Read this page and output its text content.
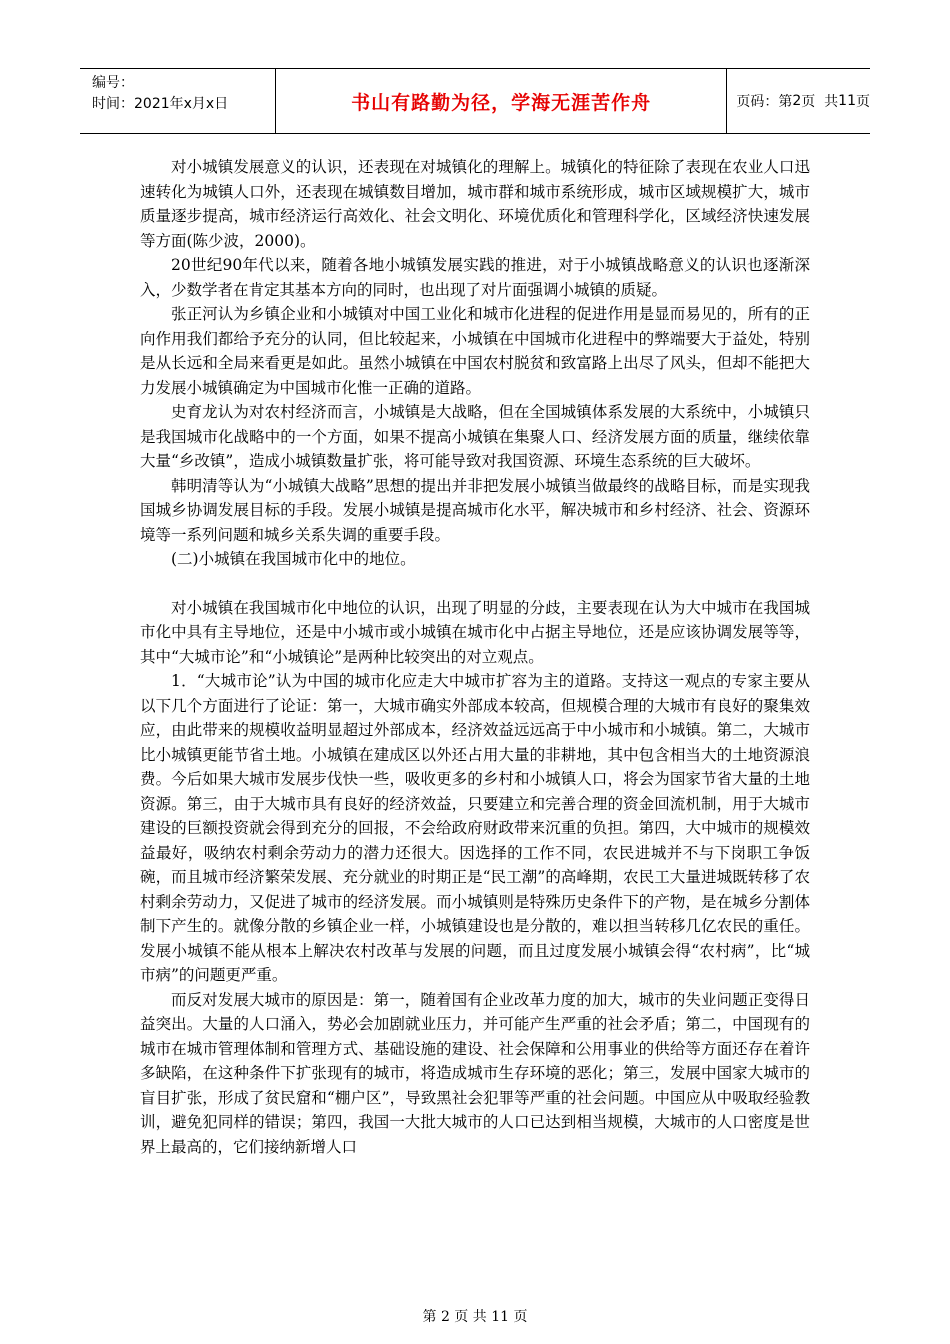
编号：
时间：2021年x月x日	书山有路勤为径，学海无涯苦作舟	页码：第 2 页  共 11 页

对小城镇发展意义的认识，还表现在对城镇化的理解上。城镇化的特征除了表现在农业人口迅速转化为城镇人口外，还表现在城镇数目增加，城市群和城市系统形成，城市区域规模扩大，城市质量逐步提高，城市经济运行高效化、社会文明化、环境优质化和管理科学化，区域经济快速发展等方面(陈少波，2000)。

20世纪90年代以来，随着各地小城镇发展实践的推进，对于小城镇战略意义的认识也逐渐深入，少数学者在肯定其基本方向的同时，也出现了对片面强调小城镇的质疑。

张正河认为乡镇企业和小城镇对中国工业化和城市化进程的促进作用是显而易见的，所有的正向作用我们都给予充分的认同，但比较起来，小城镇在中国城市化进程中的弊端要大于益处，特别是从长远和全局来看更是如此。虽然小城镇在中国农村脱贫和致富路上出尽了风头，但却不能把大力发展小城镇确定为中国城市化惟一正确的道路。

史育龙认为对农村经济而言，小城镇是大战略，但在全国城镇体系发展的大系统中，小城镇只是我国城市化战略中的一个方面，如果不提高小城镇在集聚人口、经济发展方面的质量，继续依靠大量“乡改镇”，造成小城镇数量扩张，将可能导致对我国资源、环境生态系统的巨大破坏。

韩明清等认为“小城镇大战略”思想的提出并非把发展小城镇当做最终的战略目标，而是实现我国城乡协调发展目标的手段。发展小城镇是提高城市化水平，解决城市和乡村经济、社会、资源环境等一系列问题和城乡关系失调的重要手段。

(二)小城镇在我国城市化中的地位。

对小城镇在我国城市化中地位的认识，出现了明显的分歧，主要表现在认为大中城市在我国城市化中具有主导地位，还是中小城市或小城镇在城市化中占据主导地位，还是应该协调发展等等，其中“大城市论”和“小城镇论”是两种比较突出的对立观点。

1．“大城市论”认为中国的城市化应走大中城市扩容为主的道路。支持这一观点的专家主要从以下几个方面进行了论证：第一，大城市确实外部成本较高，但规模合理的大城市有良好的聚集效应，由此带来的规模收益明显超过外部成本，经济效益远远高于中小城市和小城镇。第二，大城市比小城镇更能节省土地。小城镇在建成区以外还占用大量的非耕地，其中包含相当大的土地资源浪费。今后如果大城市发展步伐快一些，吸收更多的乡村和小城镇人口，将会为国家节省大量的土地资源。第三，由于大城市具有良好的经济效益，只要建立和完善合理的资金回流机制，用于大城市建设的巨额投资就会得到充分的回报，不会给政府财政带来沉重的负担。第四，大中城市的规模效益最好，吸纳农村剩余劳动力的潜力还很大。因选择的工作不同，农民进城并不与下岗职工争饭碗，而且城市经济繁荣发展、充分就业的时期正是“民工潮”的高峰期，农民工大量进城既转移了农村剩余劳动力，又促进了城市的经济发展。而小城镇则是特殊历史条件下的产物，是在城乡分割体制下产生的。就像分散的乡镇企业一样，小城镇建设也是分散的，难以担当转移几亿农民的重任。发展小城镇不能从根本上解决农村改革与发展的问题，而且过度发展小城镇会得“农村病”，比“城市病”的问题更严重。

而反对发展大城市的原因是：第一，随着国有企业改革力度的加大，城市的失业问题正变得日益突出。大量的人口涌入，势必会加剧就业压力，并可能产生严重的社会矛盾；第二，中国现有的城市在城市管理体制和管理方式、基础设施的建设、社会保障和公用事业的供给等方面还存在着许多缺陷，在这种条件下扩张现有的城市，将造成城市生存环境的恶化；第三，发展中国家大城市的盲目扩张，形成了贫民窟和“棚户区”，导致黑社会犯罪等严重的社会问题。中国应从中吸取经验教训，避免犯同样的错误；第四，我国一大批大城市的人口已达到相当规模，大城市的人口密度是世界上最高的，它们接纳新增人口

第 2 页 共 11 页
